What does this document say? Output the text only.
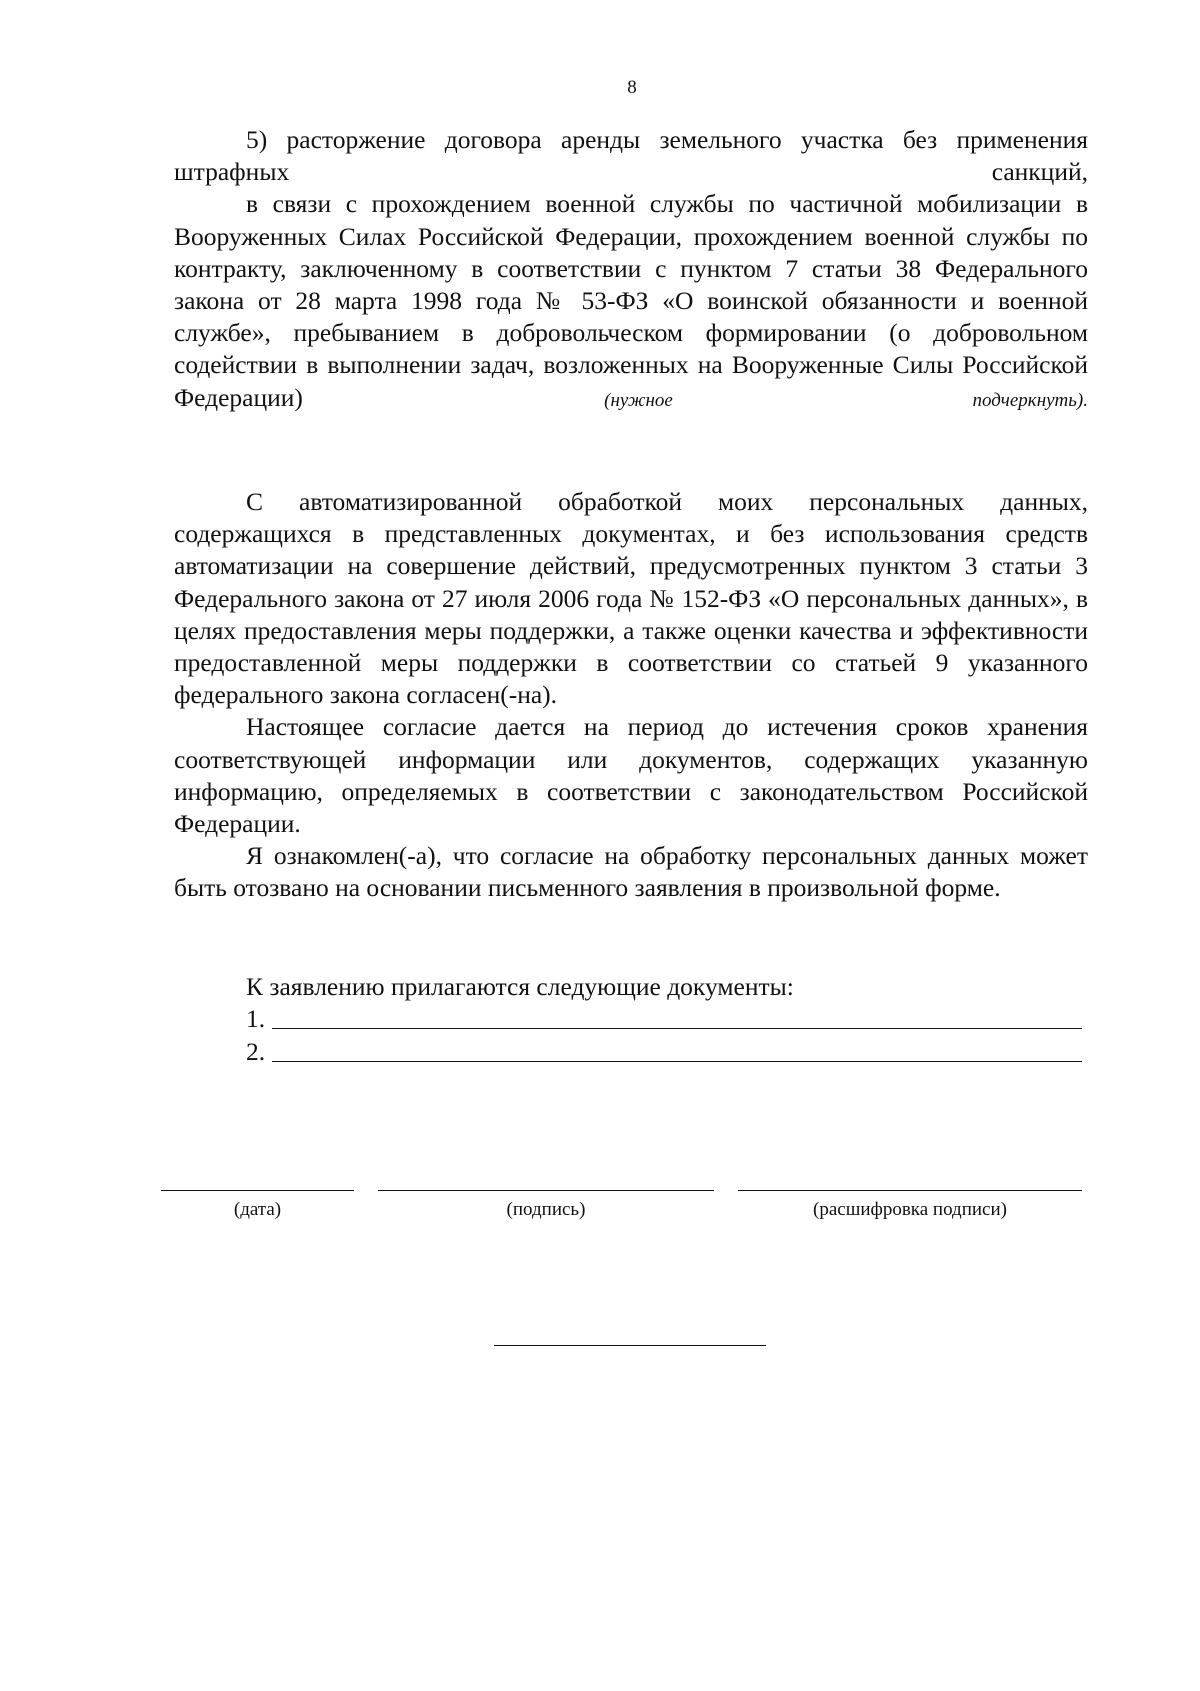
8

5) расторжение договора аренды земельного участка без применения штрафных санкций,

в связи с прохождением военной службы по частичной мобилизации в Вооруженных Силах Российской Федерации, прохождением военной службы по контракту, заключенному в соответствии с пунктом 7 статьи 38 Федерального закона от 28 марта 1998 года № 53-ФЗ «О воинской обязанности и военной службе», пребыванием в добровольческом формировании (о добровольном содействии в выполнении задач, возложенных на Вооруженные Силы Российской Федерации)	(нужное подчеркнуть).

С автоматизированной обработкой моих персональных данных, содержащихся в представленных документах, и без использования средств автоматизации на совершение действий, предусмотренных пунктом 3 статьи 3 Федерального закона от 27 июля 2006 года № 152-ФЗ «О персональных данных», в целях предоставления меры поддержки, а также оценки качества и эффективности предоставленной меры поддержки в соответствии со статьей 9 указанного федерального закона согласен(-на).

Настоящее согласие дается на период до истечения сроков хранения соответствующей информации или документов, содержащих указанную информацию, определяемых в соответствии с законодательством Российской Федерации.

Я ознакомлен(-а), что согласие на обработку персональных данных может быть отозвано на основании письменного заявления в произвольной форме.

К заявлению прилагаются следующие документы:
1.
2.
(дата)	(подпись)	(расшифровка подписи)
